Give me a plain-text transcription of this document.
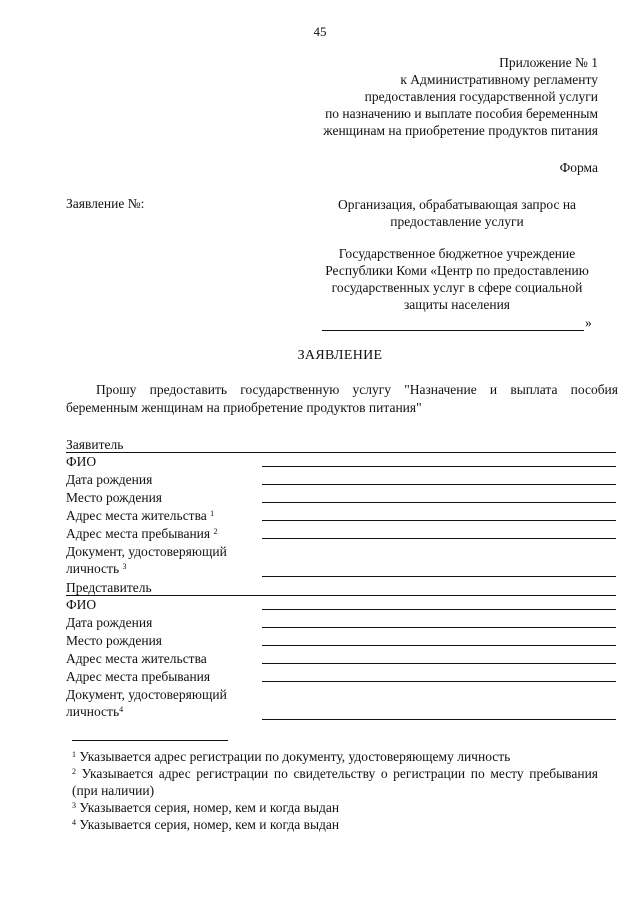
45
Приложение № 1
к Административному регламенту
предоставления государственной услуги
по назначению и выплате пособия беременным
женщинам на приобретение продуктов питания
Форма
Заявление №:	Организация, обрабатывающая запрос на предоставление услуги
Государственное бюджетное учреждение Республики Коми «Центр по предоставлению государственных услуг в сфере социальной защиты населения
»
ЗАЯВЛЕНИЕ
Прошу предоставить государственную услугу "Назначение и выплата пособия беременным женщинам на приобретение продуктов питания"
Заявитель
ФИО
Дата рождения
Место рождения
Адрес места жительства $^1$
Адрес места пребывания $^2$
Документ, удостоверяющий
личность $^3$
Представитель
ФИО
Дата рождения
Место рождения
Адрес места жительства
Адрес места пребывания
Документ, удостоверяющий
личность$^4$
$^1$ Указывается адрес регистрации по документу, удостоверяющему личность
$^2$ Указывается адрес регистрации по свидетельству о регистрации по месту пребывания (при наличии)
$^3$ Указывается серия, номер, кем и когда выдан
$^4$ Указывается серия, номер, кем и когда выдан
